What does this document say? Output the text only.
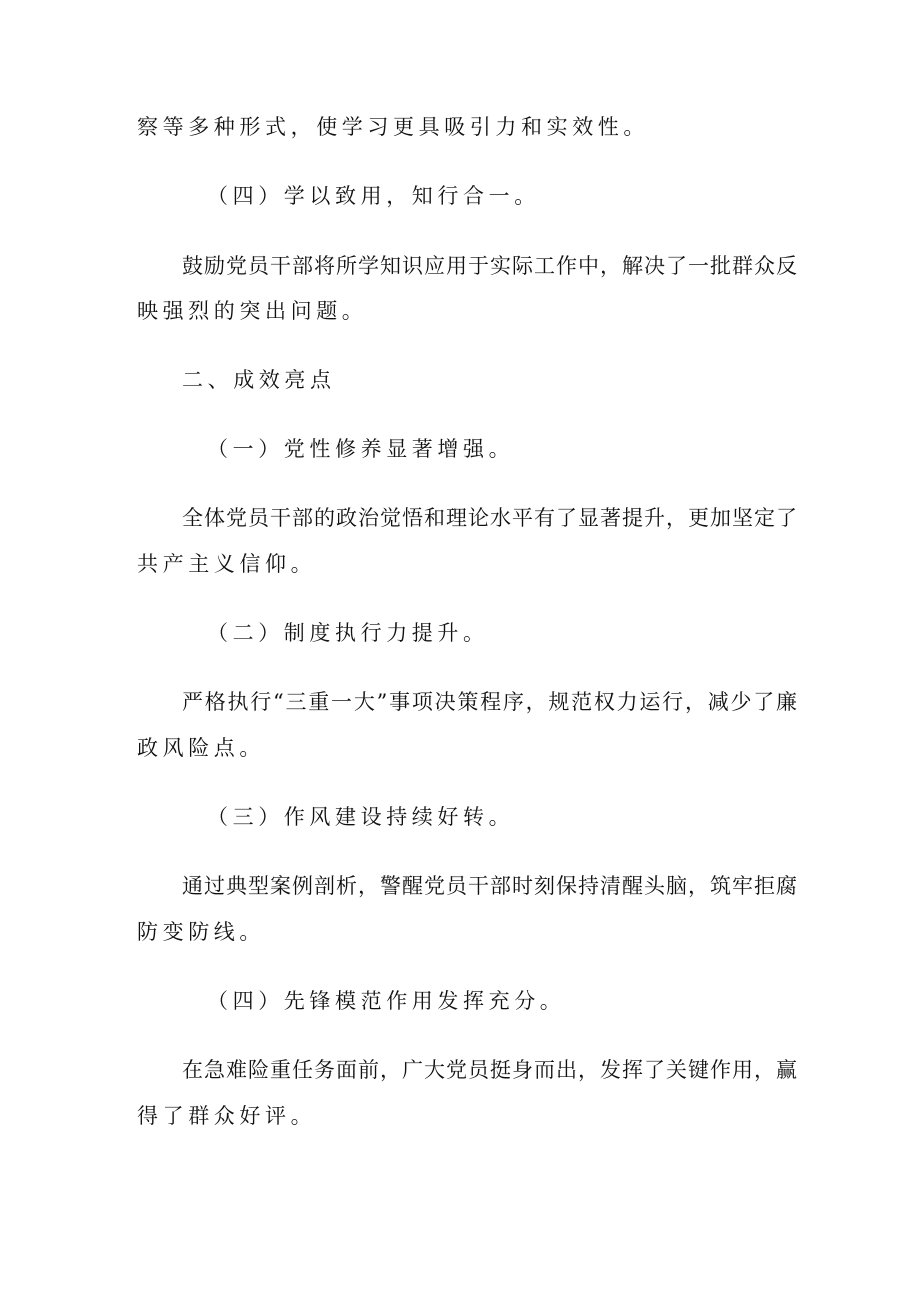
察等多种形式，使学习更具吸引力和实效性。
（四）学以致用，知行合一。
鼓励党员干部将所学知识应用于实际工作中，解决了一批群众反
映强烈的突出问题。
二、成效亮点
（一）党性修养显著增强。
全体党员干部的政治觉悟和理论水平有了显著提升，更加坚定了
共产主义信仰。
（二）制度执行力提升。
严格执行“三重一大”事项决策程序，规范权力运行，减少了廉
政风险点。
（三）作风建设持续好转。
通过典型案例剖析，警醒党员干部时刻保持清醒头脑，筑牢拒腐
防变防线。
（四）先锋模范作用发挥充分。
在急难险重任务面前，广大党员挺身而出，发挥了关键作用，赢
得了群众好评。
